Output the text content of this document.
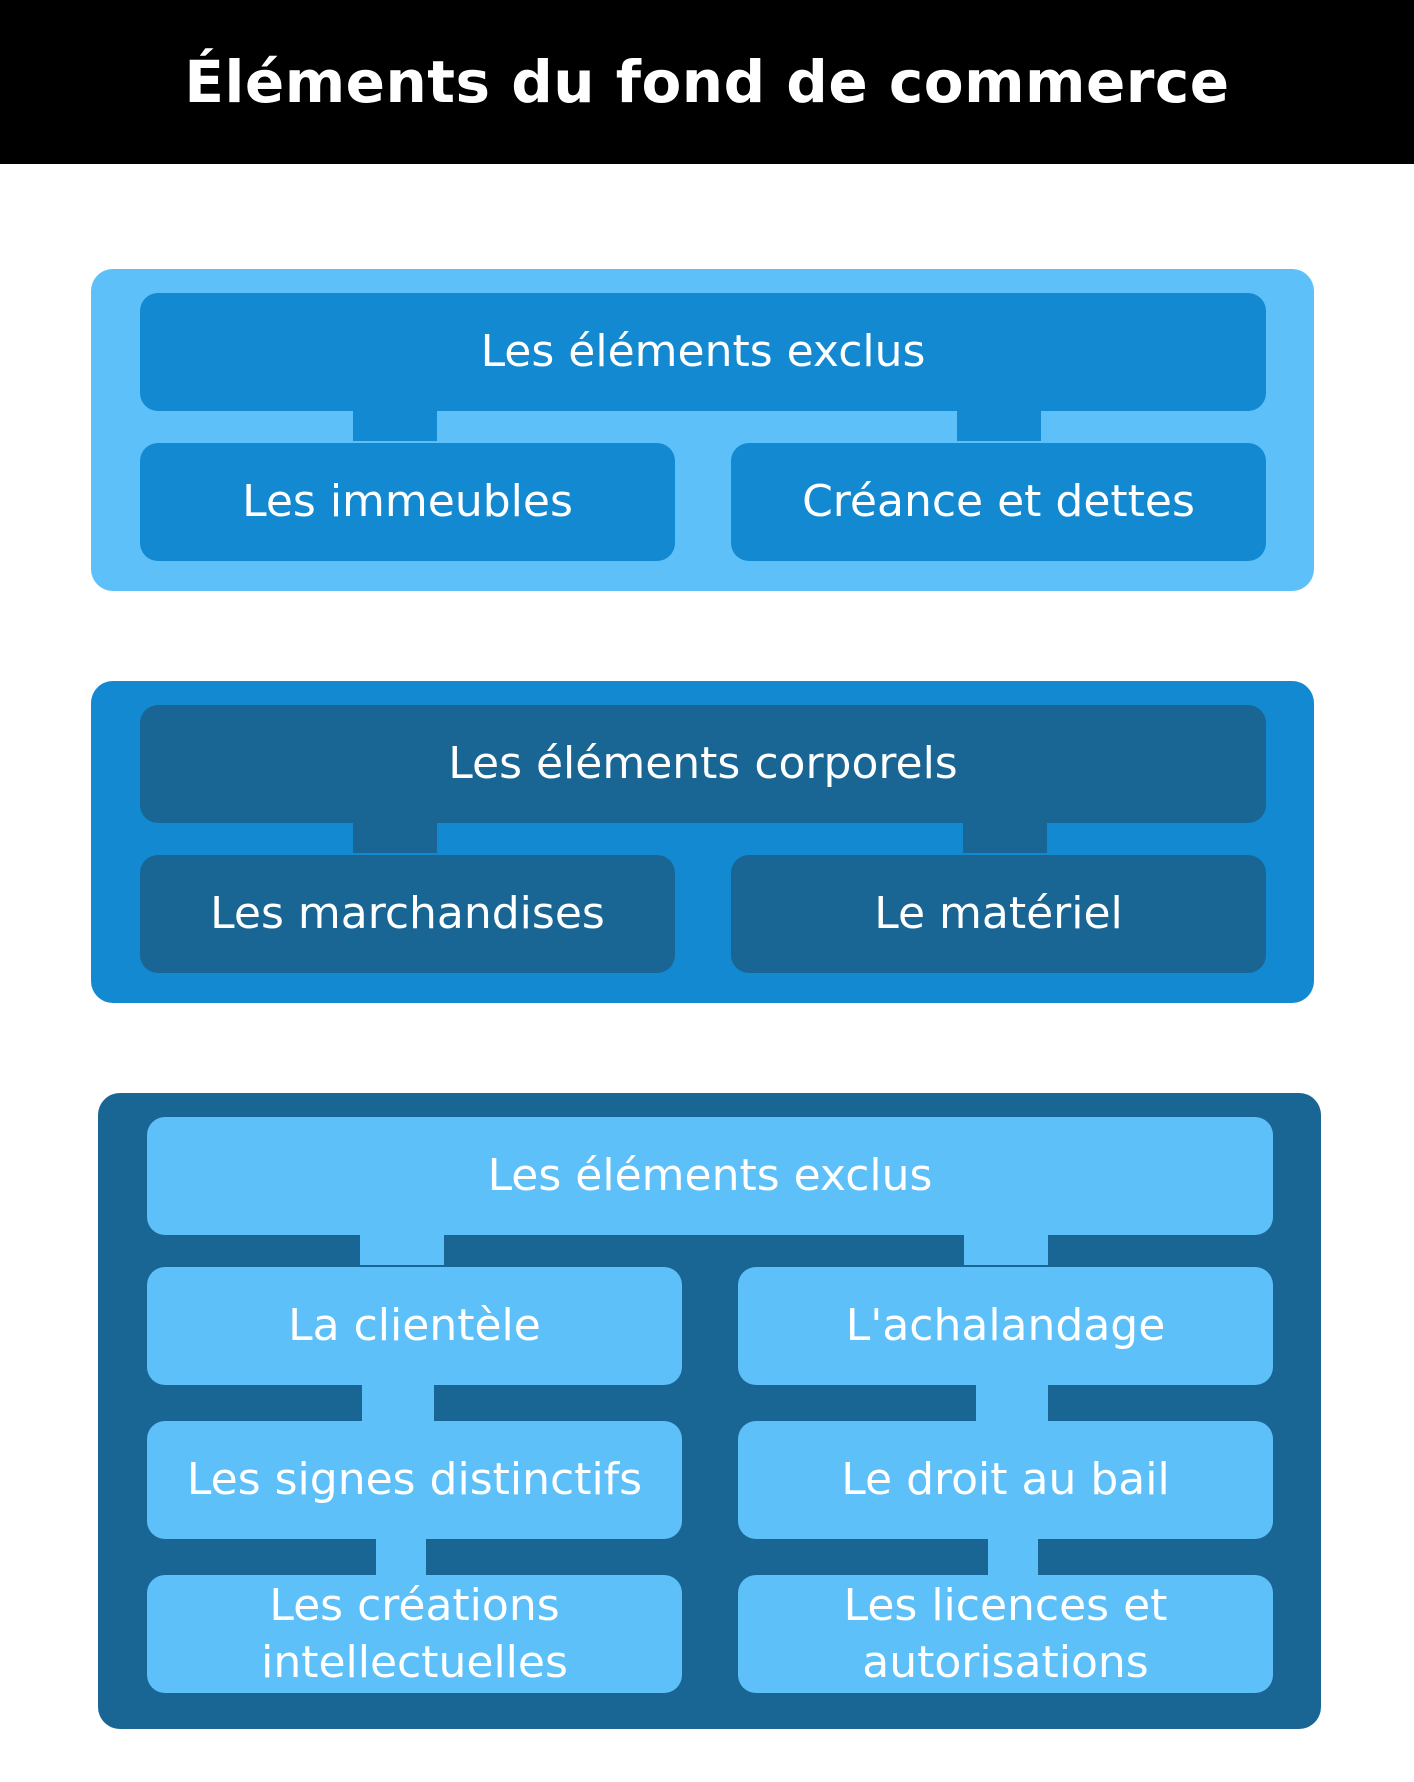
Éléments du fond de commerce
Les éléments exclus
Les immeubles	Créance et dettes
Les éléments corporels
Les marchandises	Le matériel
Les éléments exclus
La clientèle	L'achalandage
Les signes distinctifs	Le droit au bail
Les créations intellectuelles
Les licences et autorisations
